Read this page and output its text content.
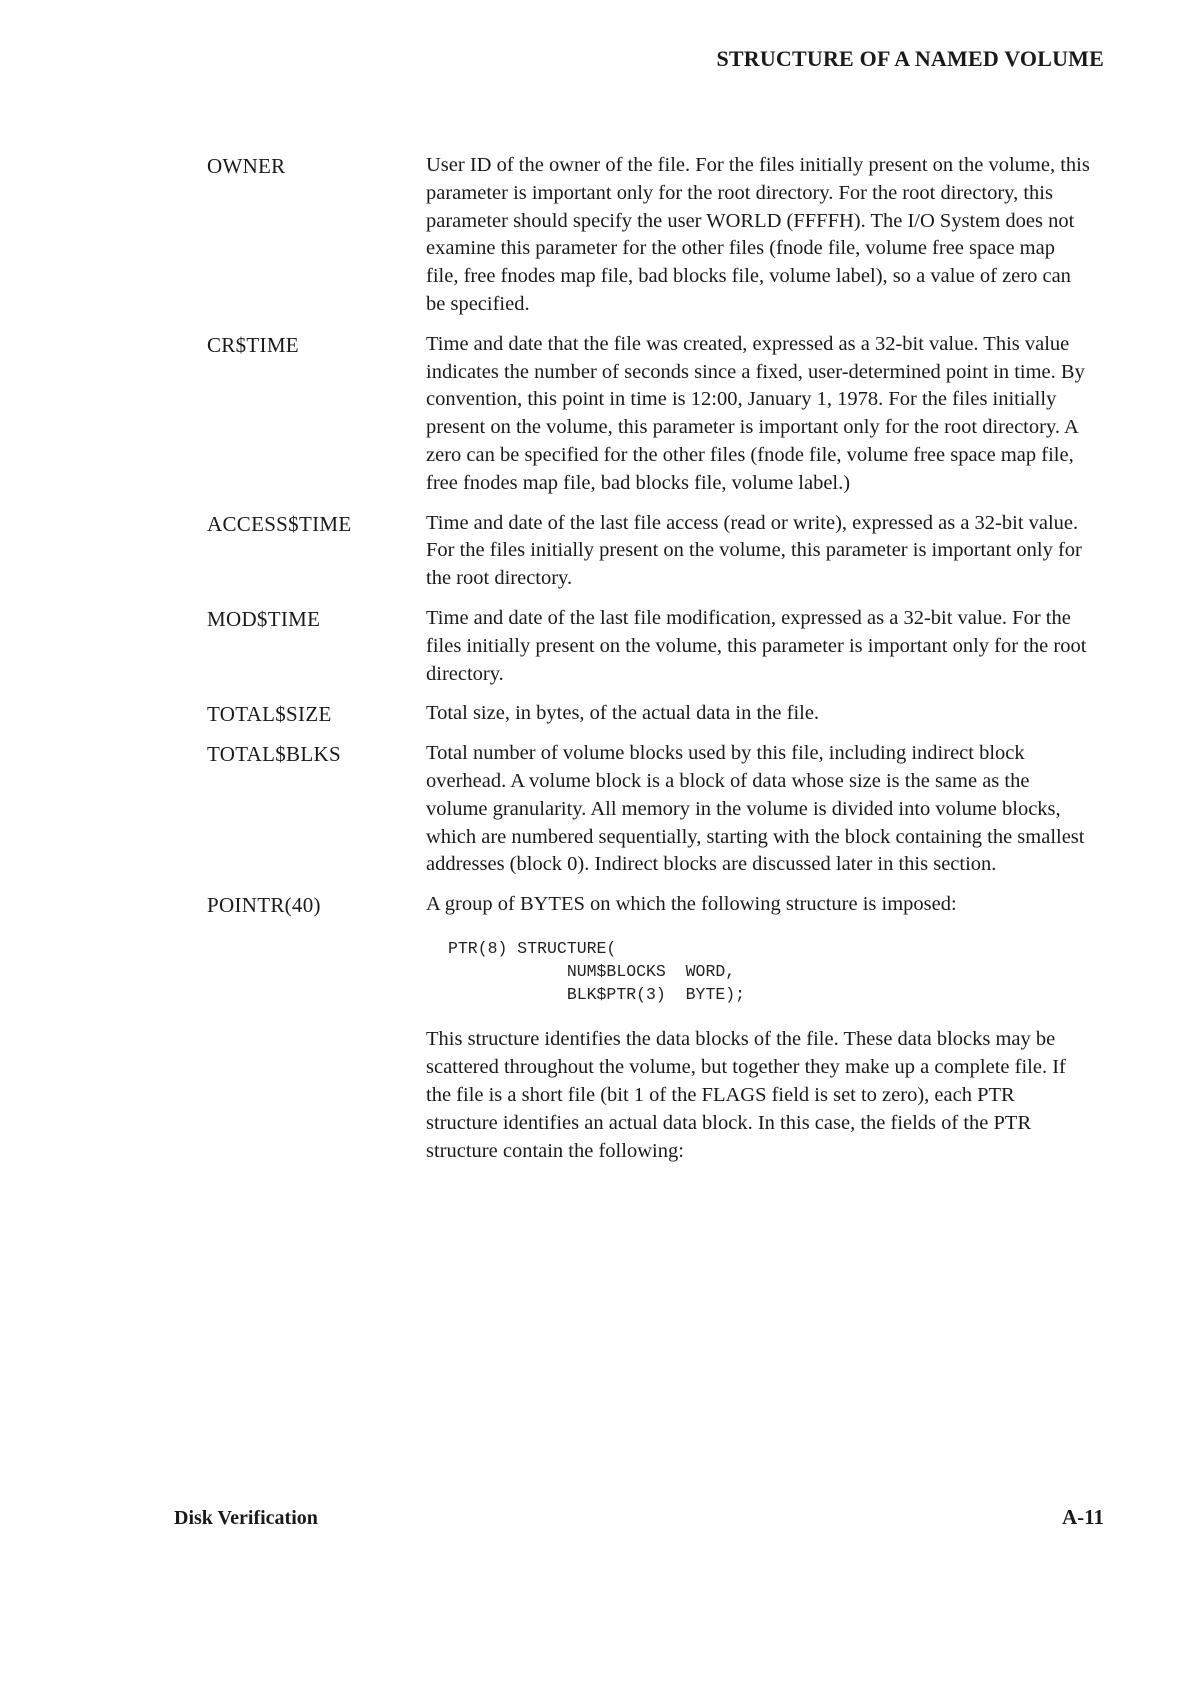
STRUCTURE OF A NAMED VOLUME
OWNER	User ID of the owner of the file. For the files initially present on the volume, this parameter is important only for the root directory. For the root directory, this parameter should specify the user WORLD (FFFFH). The I/O System does not examine this parameter for the other files (fnode file, volume free space map file, free fnodes map file, bad blocks file, volume label), so a value of zero can be specified.

CR$TIME	Time and date that the file was created, expressed as a 32-bit value. This value indicates the number of seconds since a fixed, user-determined point in time. By convention, this point in time is 12:00, January 1, 1978. For the files initially present on the volume, this parameter is important only for the root directory. A zero can be specified for the other files (fnode file, volume free space map file, free fnodes map file, bad blocks file, volume label.)

ACCESS$TIME	Time and date of the last file access (read or write), expressed as a 32-bit value. For the files initially present on the volume, this parameter is important only for the root directory.

MOD$TIME	Time and date of the last file modification, expressed as a 32-bit value. For the files initially present on the volume, this parameter is important only for the root directory.

TOTAL$SIZE	Total size, in bytes, of the actual data in the file.

TOTAL$BLKS	Total number of volume blocks used by this file, including indirect block overhead. A volume block is a block of data whose size is the same as the volume granularity. All memory in the volume is divided into volume blocks, which are numbered sequentially, starting with the block containing the smallest addresses (block 0). Indirect blocks are discussed later in this section.

POINTR(40)	A group of BYTES on which the following structure is imposed:

PTR(8) STRUCTURE(
NUM$BLOCKS  WORD,
BLK$PTR(3)  BYTE);

This structure identifies the data blocks of the file. These data blocks may be scattered throughout the volume, but together they make up a complete file. If the file is a short file (bit 1 of the FLAGS field is set to zero), each PTR structure identifies an actual data block. In this case, the fields of the PTR structure contain the following:

Disk Verification	A-11
